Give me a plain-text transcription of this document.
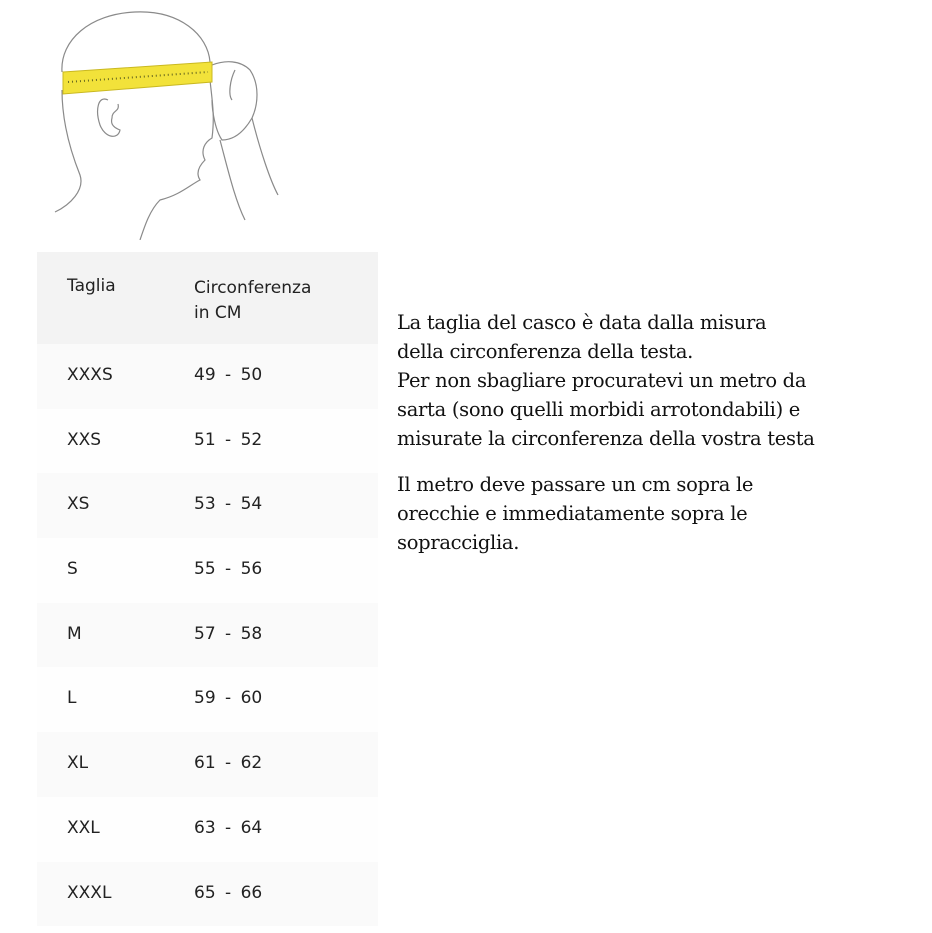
Taglia	Circonferenza
in CM
XXXS	49 - 50
XXS	51 - 52
XS	53 - 54
S	55 - 56
M	57 - 58
L	59 - 60
XL	61 - 62
XXL	63 - 64
XXXL	65 - 66

La taglia del casco è data dalla misura
della circonferenza della testa.
Per non sbagliare procuratevi un metro da
sarta (sono quelli morbidi arrotondabili) e
misurate la circonferenza della vostra testa

Il metro deve passare un cm sopra le
orecchie e immediatamente sopra le
sopracciglia.
